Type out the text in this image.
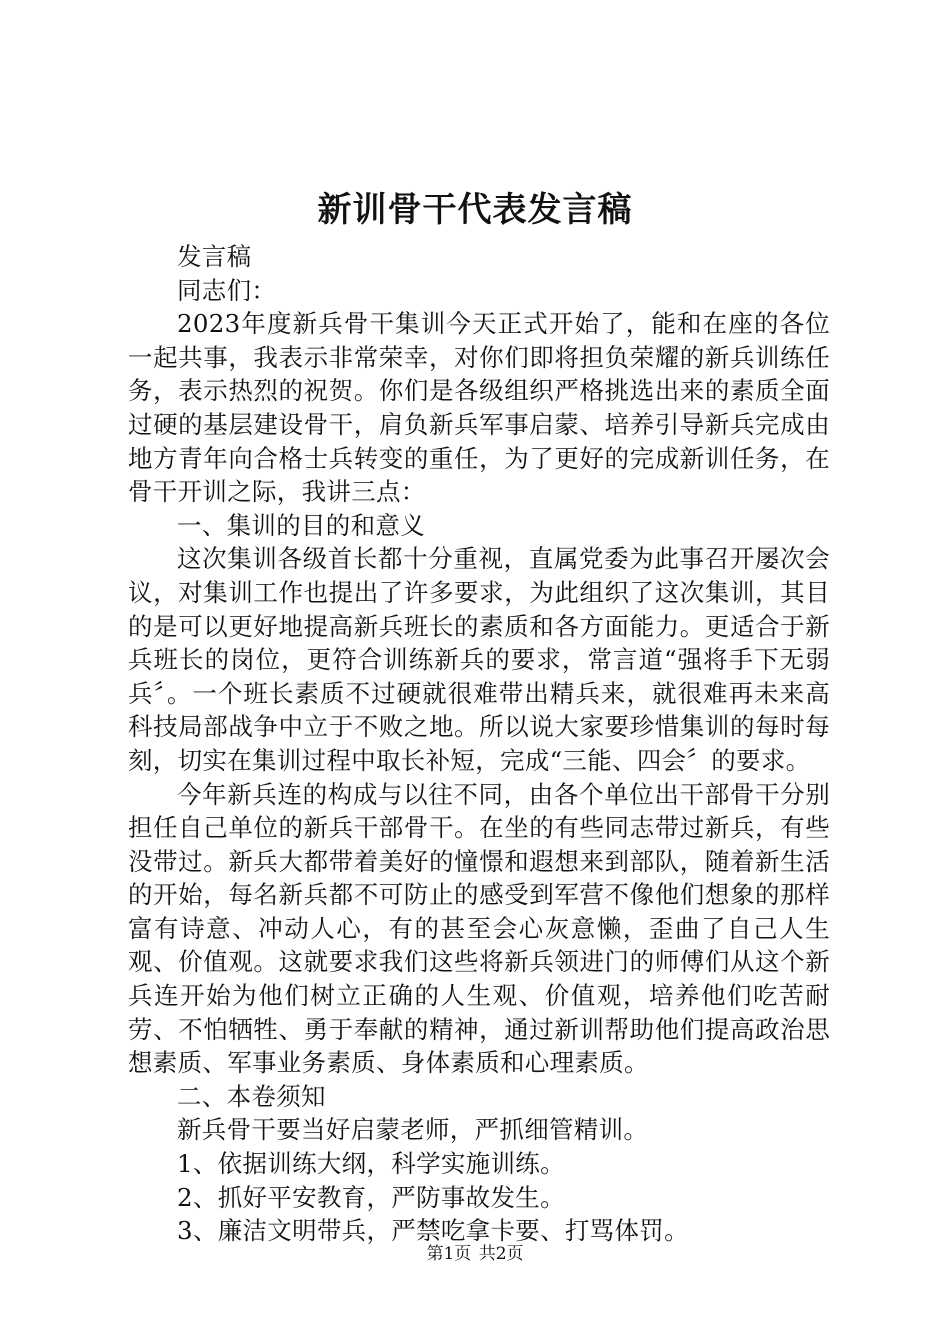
新训骨干代表发言稿

发言稿

同志们：

2023年度新兵骨干集训今天正式开始了，能和在座的各位一起共事，我表示非常荣幸，对你们即将担负荣耀的新兵训练任务，表示热烈的祝贺。你们是各级组织严格挑选出来的素质全面过硬的基层建设骨干，肩负新兵军事启蒙、培养引导新兵完成由地方青年向合格士兵转变的重任，为了更好的完成新训任务，在骨干开训之际，我讲三点：

一、集训的目的和意义

这次集训各级首长都十分重视，直属党委为此事召开屡次会议，对集训工作也提出了许多要求，为此组织了这次集训，其目的是可以更好地提高新兵班长的素质和各方面能力。更适合于新兵班长的岗位，更符合训练新兵的要求，常言道“强将手下无弱兵〞。一个班长素质不过硬就很难带出精兵来，就很难再未来高科技局部战争中立于不败之地。所以说大家要珍惜集训的每时每刻，切实在集训过程中取长补短，完成“三能、四会〞的要求。

今年新兵连的构成与以往不同，由各个单位出干部骨干分别担任自己单位的新兵干部骨干。在坐的有些同志带过新兵，有些没带过。新兵大都带着美好的憧憬和遐想来到部队，随着新生活的开始，每名新兵都不可防止的感受到军营不像他们想象的那样富有诗意、冲动人心，有的甚至会心灰意懒，歪曲了自己人生观、价值观。这就要求我们这些将新兵领进门的师傅们从这个新兵连开始为他们树立正确的人生观、价值观，培养他们吃苦耐劳、不怕牺牲、勇于奉献的精神，通过新训帮助他们提高政治思想素质、军事业务素质、身体素质和心理素质。

二、本卷须知

新兵骨干要当好启蒙老师，严抓细管精训。

1、依据训练大纲，科学实施训练。

2、抓好平安教育，严防事故发生。

3、廉洁文明带兵，严禁吃拿卡要、打骂体罚。

第1页 共2页
